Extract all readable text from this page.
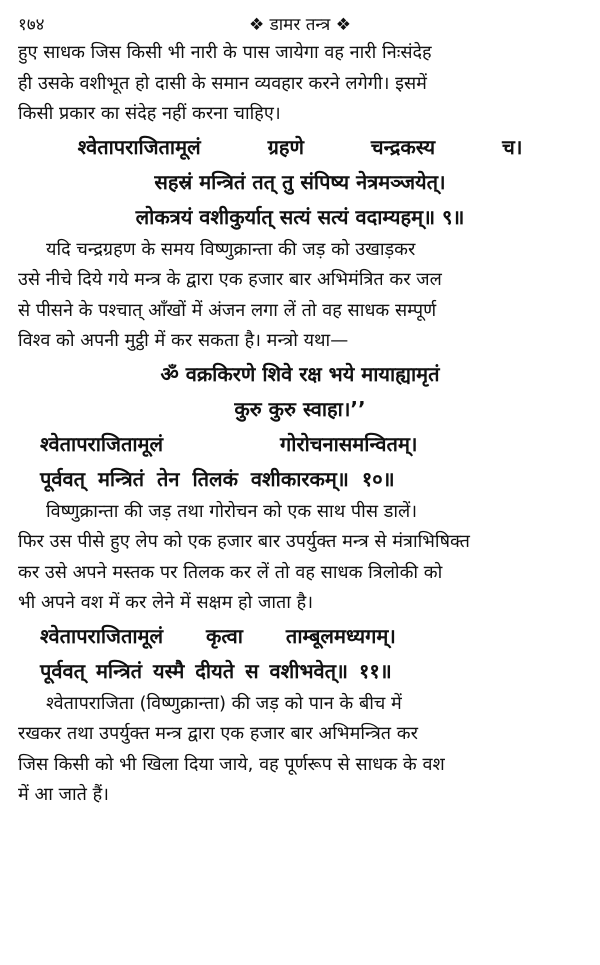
१७४	❖ डामर तन्त्र ❖

हुए साधक जिस किसी भी नारी के पास जायेगा वह नारी निःसंदेह

ही उसके वशीभूत हो दासी के समान व्यवहार करने लगेगी। इसमें

किसी प्रकार का संदेह नहीं करना चाहिए।

श्वेतापराजितामूलं ग्रहणे चन्द्रकस्य च।

सहस्रं मन्त्रितं तत् तु संपिष्य नेत्रमञ्जयेत्।

लोकत्रयं वशीकुर्यात् सत्यं सत्यं वदाम्यहम्॥ ९॥

यदि चन्द्रग्रहण के समय विष्णुक्रान्ता की जड़ को उखाड़कर

उसे नीचे दिये गये मन्त्र के द्वारा एक हजार बार अभिमंत्रित कर जल

से पीसने के पश्चात् आँखों में अंजन लगा लें तो वह साधक सम्पूर्ण

विश्व को अपनी मुट्ठी में कर सकता है। मन्त्रो यथा—

ॐ वक्रकिरणे शिवे रक्ष भये मायाह्यामृतं

कुरु कुरु स्वाहा।’’

श्वेतापराजितामूलं गोरोचनासमन्वितम्।

पूर्ववत् मन्त्रितं तेन तिलकं वशीकारकम्॥ १०॥

विष्णुक्रान्ता की जड़ तथा गोरोचन को एक साथ पीस डालें।

फिर उस पीसे हुए लेप को एक हजार बार उपर्युक्त मन्त्र से मंत्राभिषिक्त

कर उसे अपने मस्तक पर तिलक कर लें तो वह साधक त्रिलोकी को

भी अपने वश में कर लेने में सक्षम हो जाता है।

श्वेतापराजितामूलं कृत्वा ताम्बूलमध्यगम्।

पूर्ववत् मन्त्रितं यस्मै दीयते स वशीभवेत्॥ ११॥

श्वेतापराजिता (विष्णुक्रान्ता) की जड़ को पान के बीच में

रखकर तथा उपर्युक्त मन्त्र द्वारा एक हजार बार अभिमन्त्रित कर

जिस किसी को भी खिला दिया जाये, वह पूर्णरूप से साधक के वश

में आ जाते हैं।
